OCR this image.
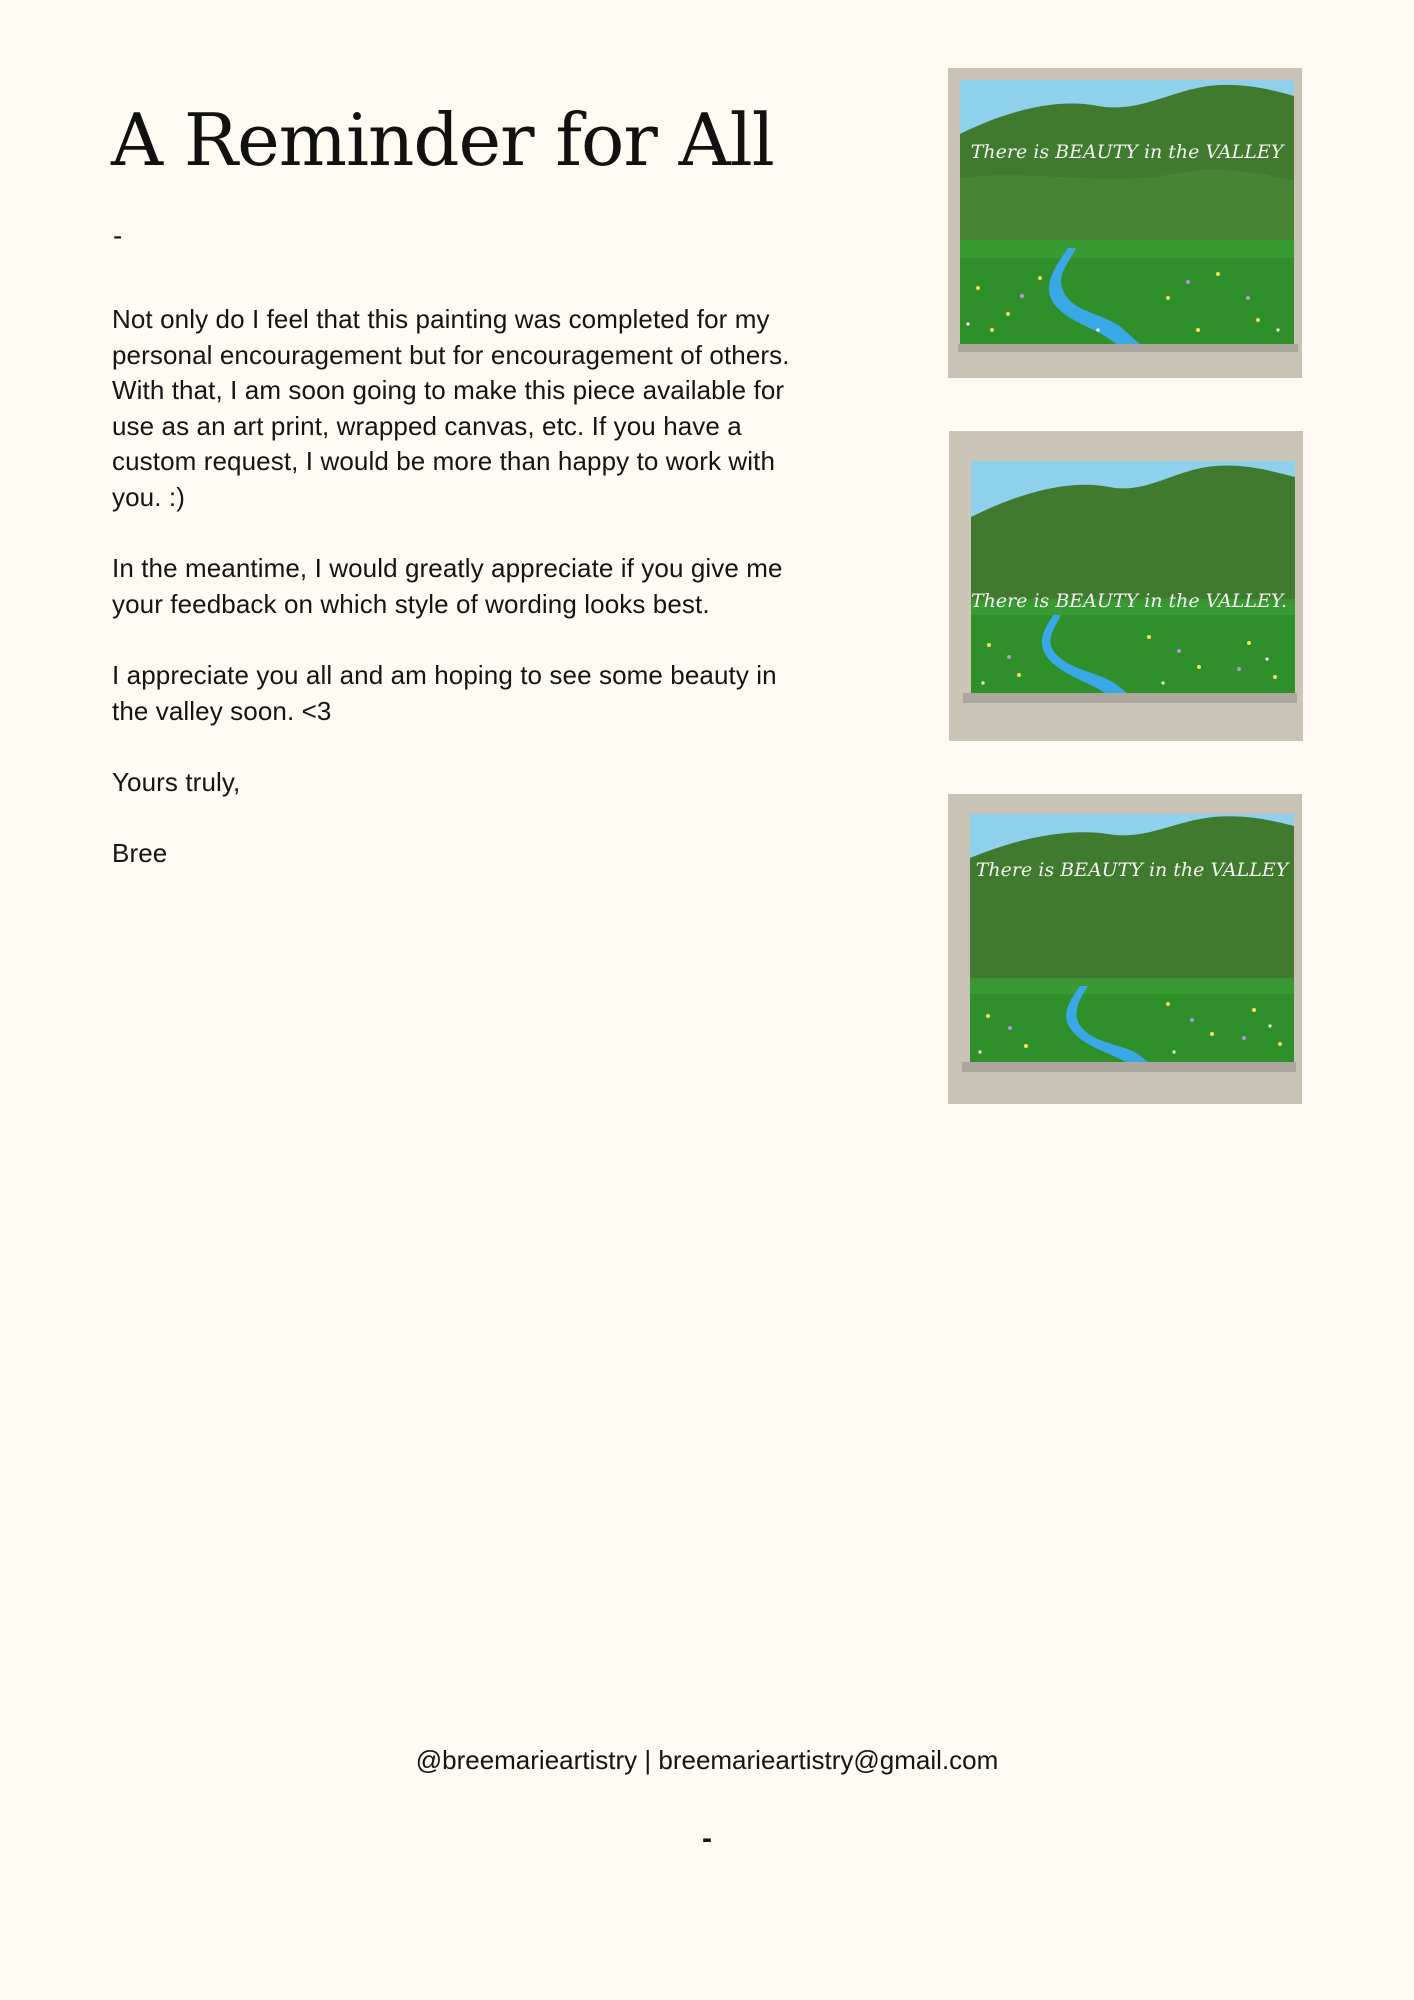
A Reminder for All
-

Not only do I feel that this painting was completed for my
personal encouragement but for encouragement of others.
With that, I am soon going to make this piece available for
use as an art print, wrapped canvas, etc. If you have a
custom request, I would be more than happy to work with
you. :)

In the meantime, I would greatly appreciate if you give me
your feedback on which style of wording looks best.

I appreciate you all and am hoping to see some beauty in
the valley soon. <3

Yours truly,

Bree

There is BEAUTY in the VALLEY
There is BEAUTY in the VALLEY.
There is BEAUTY in the VALLEY
@breemarieartistry | breemarieartistry@gmail.com
-
